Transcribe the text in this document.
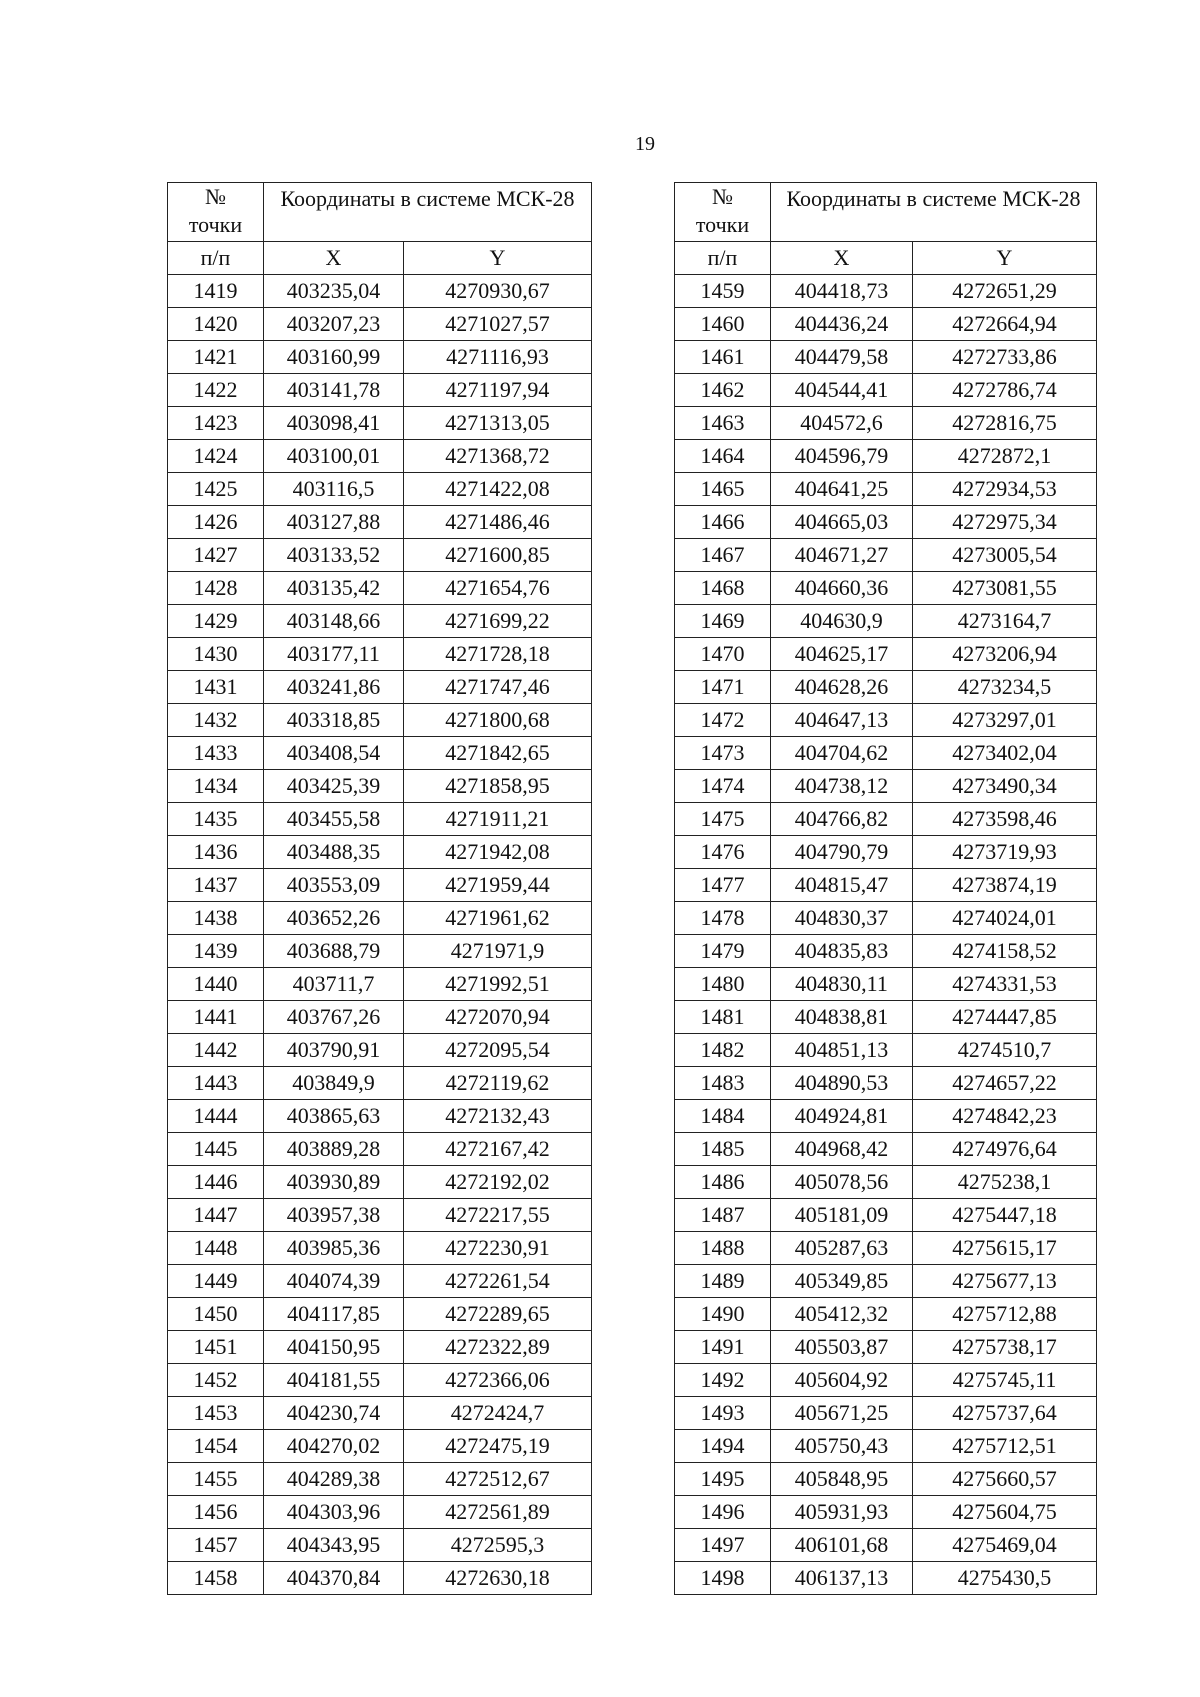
19
№
точки	Координаты в системе МСК-28	

п/п	X	Y
1419	403235,04	4270930,67
1420	403207,23	4271027,57
1421	403160,99	4271116,93
1422	403141,78	4271197,94
1423	403098,41	4271313,05
1424	403100,01	4271368,72
1425	403116,5	4271422,08
1426	403127,88	4271486,46
1427	403133,52	4271600,85
1428	403135,42	4271654,76
1429	403148,66	4271699,22
1430	403177,11	4271728,18
1431	403241,86	4271747,46
1432	403318,85	4271800,68
1433	403408,54	4271842,65
1434	403425,39	4271858,95
1435	403455,58	4271911,21
1436	403488,35	4271942,08
1437	403553,09	4271959,44
1438	403652,26	4271961,62
1439	403688,79	4271971,9
1440	403711,7	4271992,51
1441	403767,26	4272070,94
1442	403790,91	4272095,54
1443	403849,9	4272119,62
1444	403865,63	4272132,43
1445	403889,28	4272167,42
1446	403930,89	4272192,02
1447	403957,38	4272217,55
1448	403985,36	4272230,91
1449	404074,39	4272261,54
1450	404117,85	4272289,65
1451	404150,95	4272322,89
1452	404181,55	4272366,06
1453	404230,74	4272424,7
1454	404270,02	4272475,19
1455	404289,38	4272512,67
1456	404303,96	4272561,89
1457	404343,95	4272595,3
1458	404370,84	4272630,18
№
точки	Координаты в системе МСК-28	

п/п	X	Y
1459	404418,73	4272651,29
1460	404436,24	4272664,94
1461	404479,58	4272733,86
1462	404544,41	4272786,74
1463	404572,6	4272816,75
1464	404596,79	4272872,1
1465	404641,25	4272934,53
1466	404665,03	4272975,34
1467	404671,27	4273005,54
1468	404660,36	4273081,55
1469	404630,9	4273164,7
1470	404625,17	4273206,94
1471	404628,26	4273234,5
1472	404647,13	4273297,01
1473	404704,62	4273402,04
1474	404738,12	4273490,34
1475	404766,82	4273598,46
1476	404790,79	4273719,93
1477	404815,47	4273874,19
1478	404830,37	4274024,01
1479	404835,83	4274158,52
1480	404830,11	4274331,53
1481	404838,81	4274447,85
1482	404851,13	4274510,7
1483	404890,53	4274657,22
1484	404924,81	4274842,23
1485	404968,42	4274976,64
1486	405078,56	4275238,1
1487	405181,09	4275447,18
1488	405287,63	4275615,17
1489	405349,85	4275677,13
1490	405412,32	4275712,88
1491	405503,87	4275738,17
1492	405604,92	4275745,11
1493	405671,25	4275737,64
1494	405750,43	4275712,51
1495	405848,95	4275660,57
1496	405931,93	4275604,75
1497	406101,68	4275469,04
1498	406137,13	4275430,5
